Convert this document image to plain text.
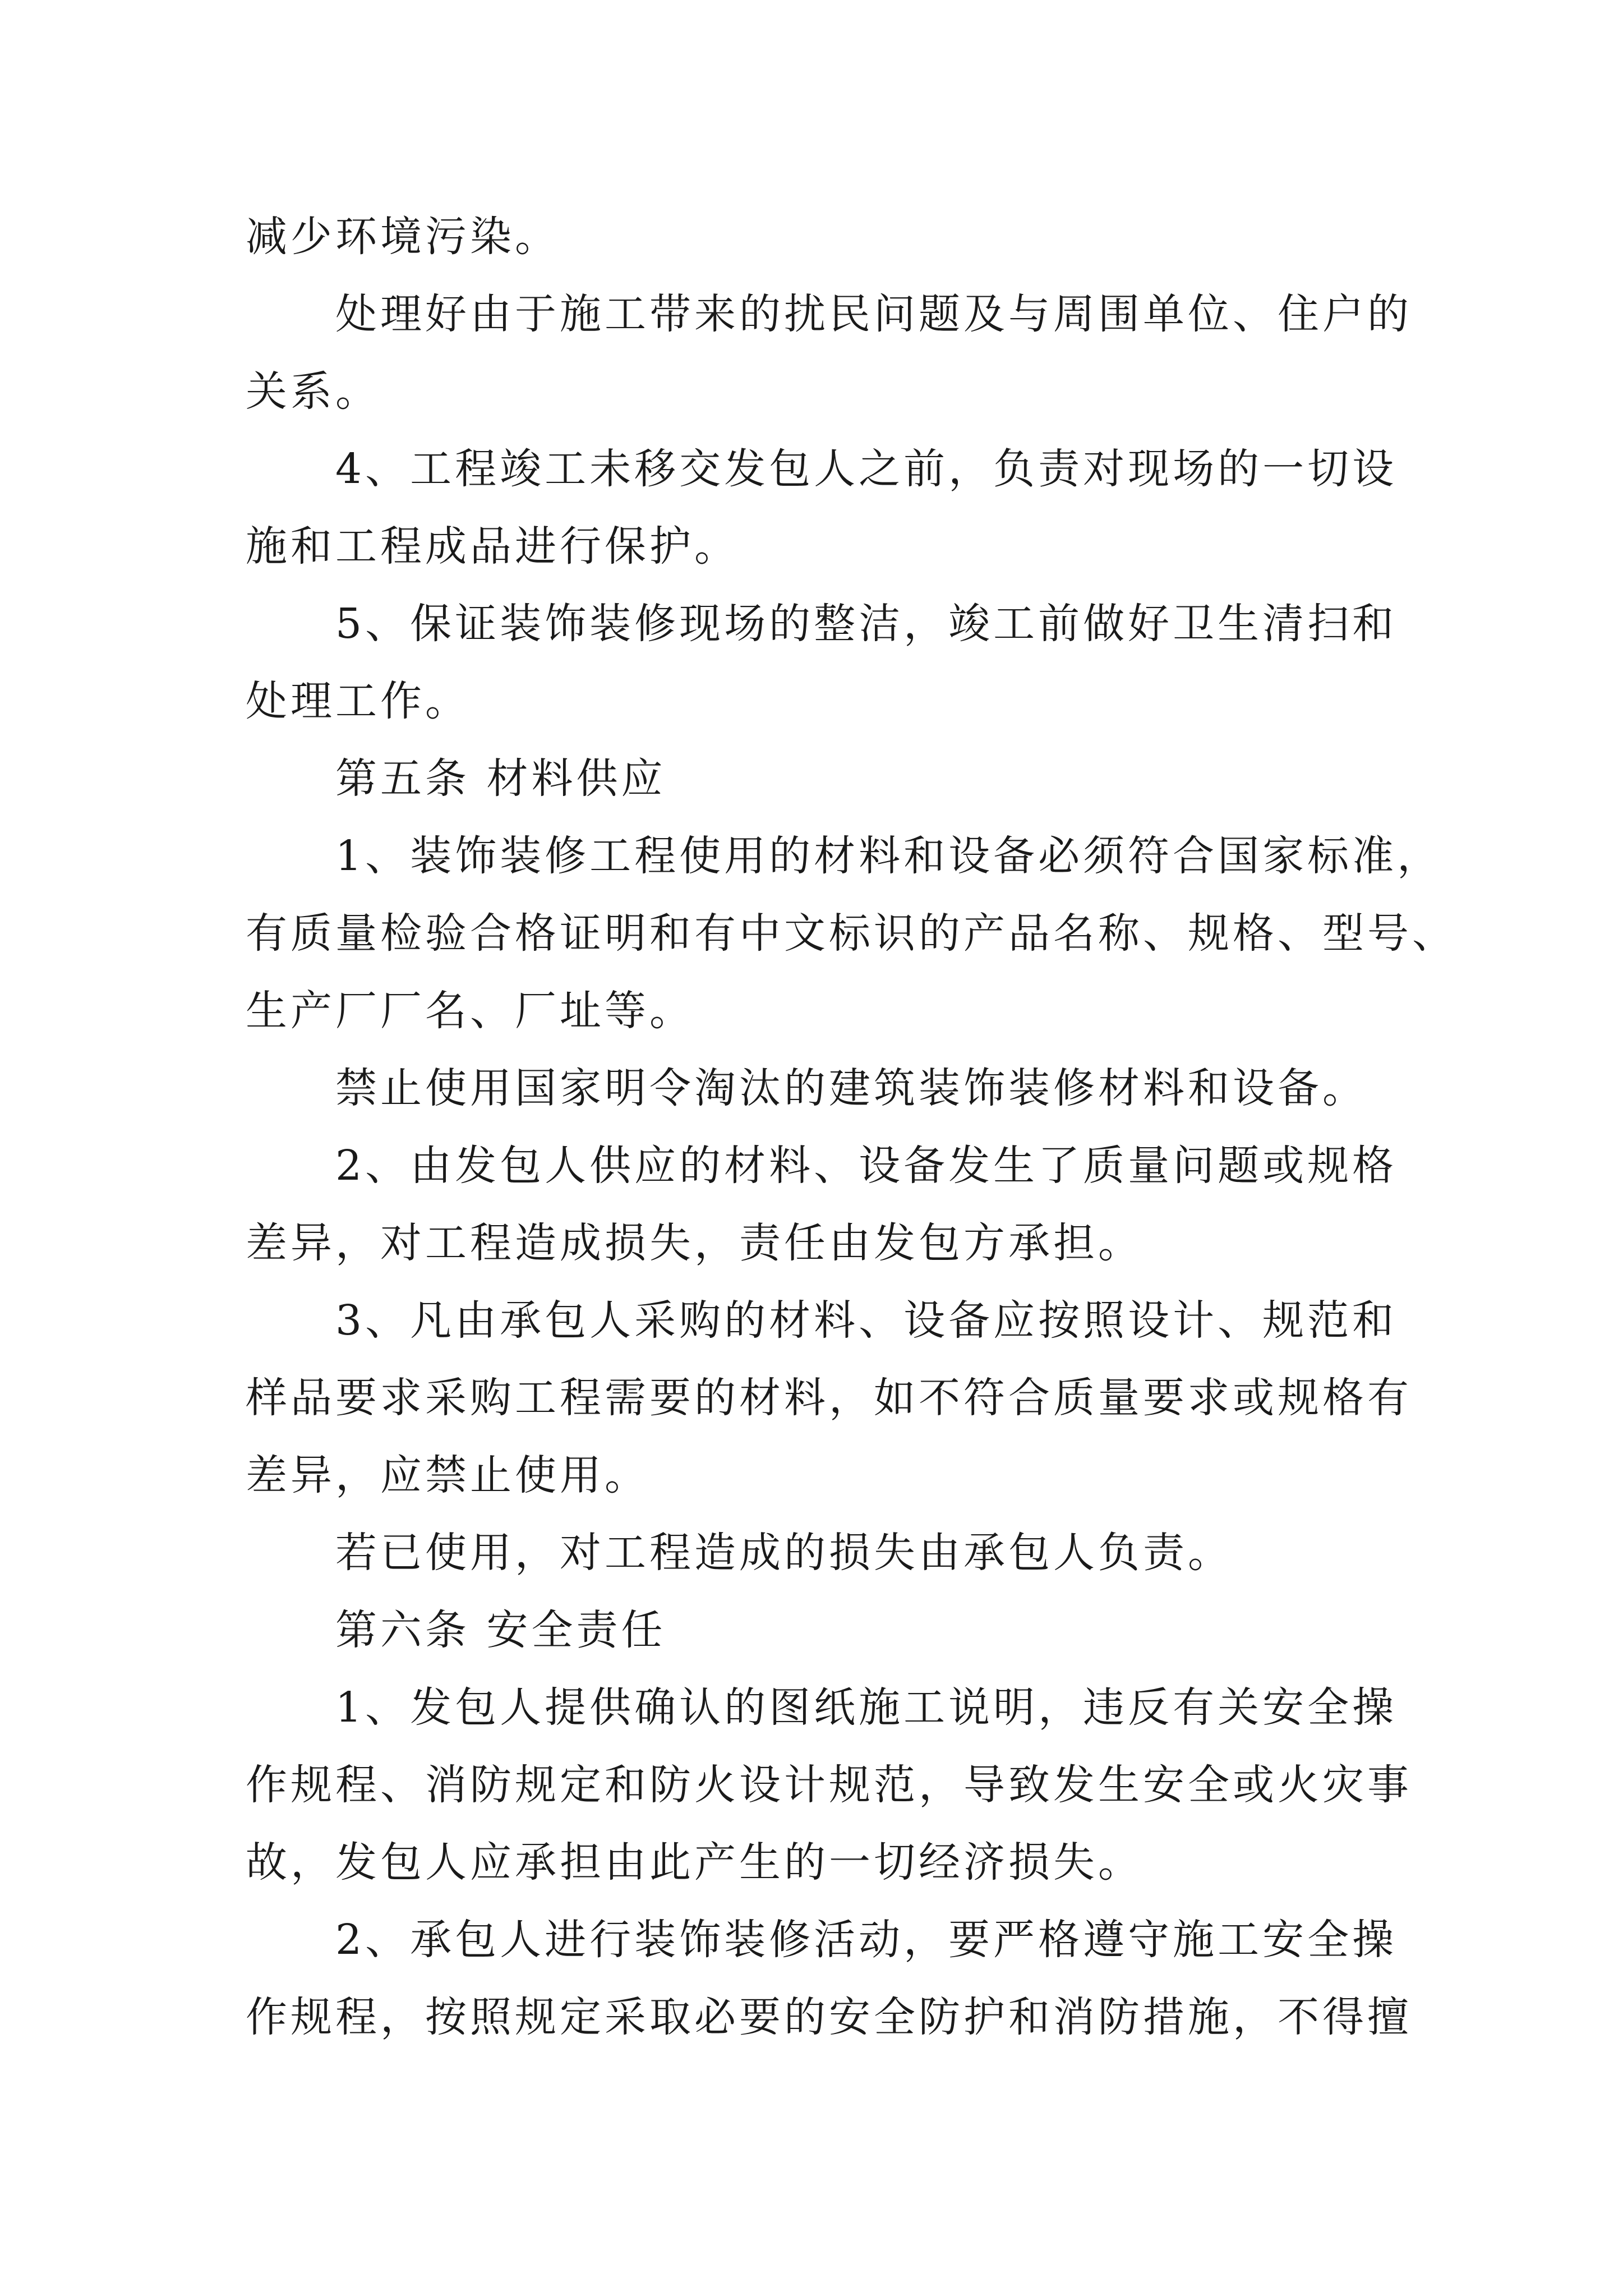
减少环境污染。

处理好由于施工带来的扰民问题及与周围单位、住户的

关系。

4、工程竣工未移交发包人之前，负责对现场的一切设

施和工程成品进行保护。

5、保证装饰装修现场的整洁，竣工前做好卫生清扫和

处理工作。

第五条 材料供应

1、装饰装修工程使用的材料和设备必须符合国家标准，

有质量检验合格证明和有中文标识的产品名称、规格、型号、

生产厂厂名、厂址等。

禁止使用国家明令淘汰的建筑装饰装修材料和设备。

2、由发包人供应的材料、设备发生了质量问题或规格

差异，对工程造成损失，责任由发包方承担。

3、凡由承包人采购的材料、设备应按照设计、规范和

样品要求采购工程需要的材料，如不符合质量要求或规格有

差异，应禁止使用。

若已使用，对工程造成的损失由承包人负责。

第六条 安全责任

1、发包人提供确认的图纸施工说明，违反有关安全操

作规程、消防规定和防火设计规范，导致发生安全或火灾事

故，发包人应承担由此产生的一切经济损失。

2、承包人进行装饰装修活动，要严格遵守施工安全操

作规程，按照规定采取必要的安全防护和消防措施，不得擅
